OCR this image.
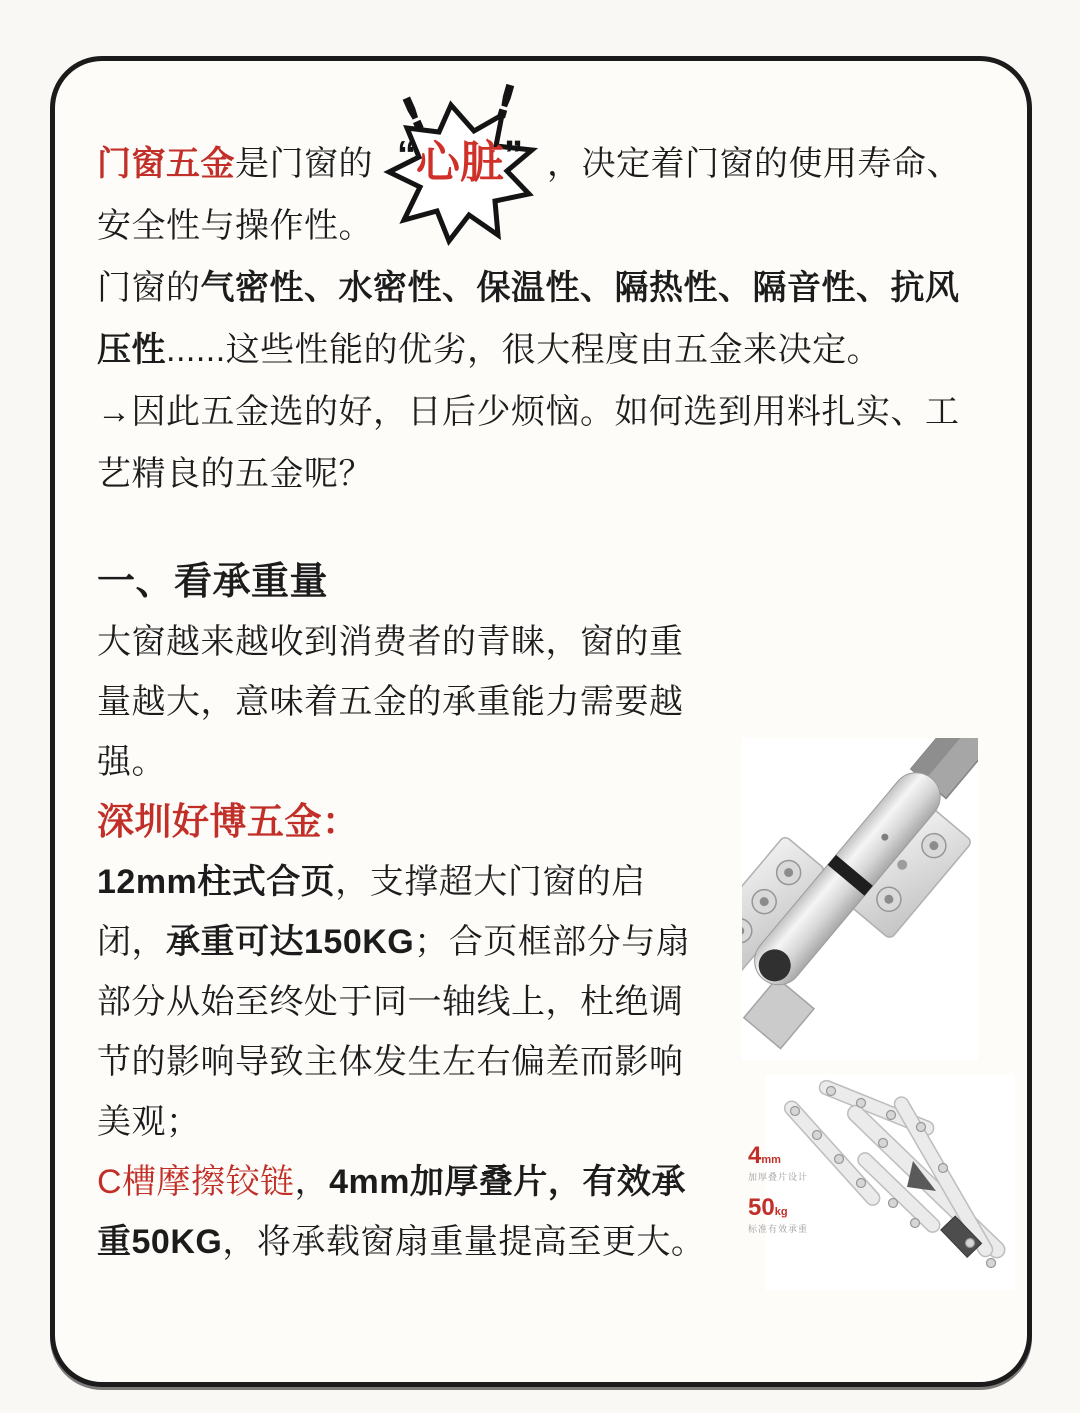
门窗五金是门窗的
! !
“心脏” ，决定着门窗的使用寿命、
安全性与操作性。
门窗的气密性、水密性、保温性、隔热性、隔音性、抗风
压性......这些性能的优劣，很大程度由五金来决定。
→因此五金选的好，日后少烦恼。如何选到用料扎实、工
艺精良的五金呢？
一、看承重量
大窗越来越收到消费者的青睐，窗的重
量越大，意味着五金的承重能力需要越
强。
深圳好博五金：
12mm柱式合页，支撑超大门窗的启
闭，承重可达150KG；合页框部分与扇
部分从始至终处于同一轴线上，杜绝调
节的影响导致主体发生左右偏差而影响
美观；
C槽摩擦铰链，4mm加厚叠片，有效承
重50KG，将承载窗扇重量提高至更大。
4mm
加厚叠片设计
50kg
标准有效承重
